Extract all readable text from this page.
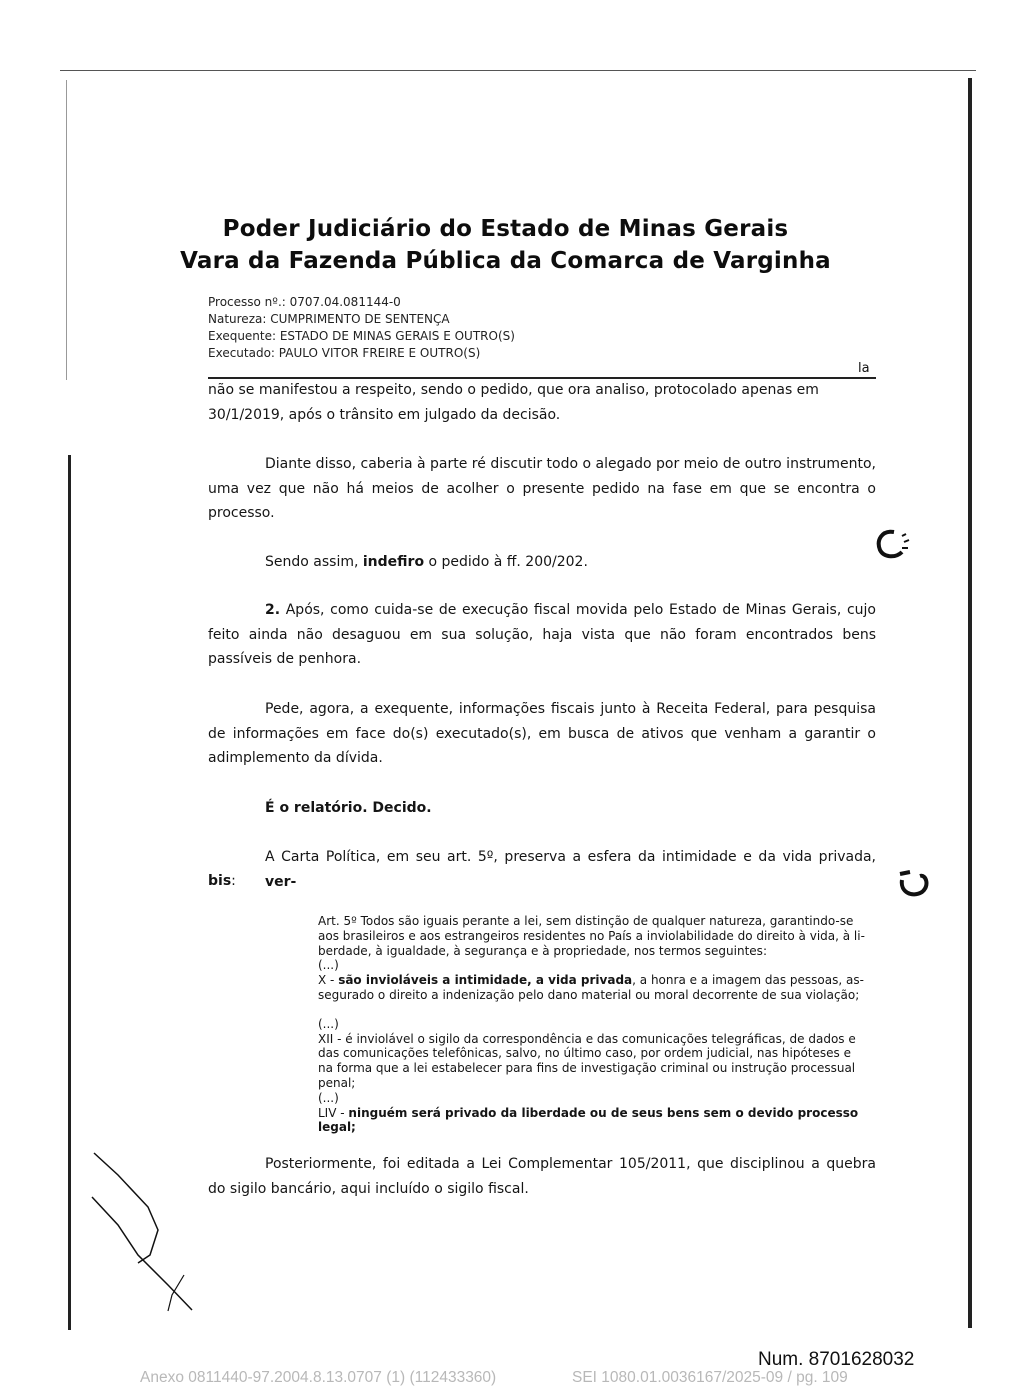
Poder Judiciário do Estado de Minas Gerais
Vara da Fazenda Pública da Comarca de Varginha
Processo nº.: 0707.04.081144-0
Natureza: CUMPRIMENTO DE SENTENÇA
Exequente: ESTADO DE MINAS GERAIS E OUTRO(S)
Executado: PAULO VITOR FREIRE E OUTRO(S)
la
não se manifestou a respeito, sendo o pedido, que ora analiso, protocolado apenas em
30/1/2019, após o trânsito em julgado da decisão.
Diante disso, caberia à parte ré discutir todo o alegado por meio de outro instrumento, uma vez que não há meios de acolher o presente pedido na fase em que se encontra o processo.
Sendo assim, indefiro o pedido à ff. 200/202.
2. Após, como cuida-se de execução fiscal movida pelo Estado de Minas Gerais, cujo feito ainda não desaguou em sua solução, haja vista que não foram encontrados bens passíveis de penhora.
Pede, agora, a exequente, informações fiscais junto à Receita Federal, para pesquisa de informações em face do(s) executado(s), em busca de ativos que venham a garantir o adimplemento da dívida.
É o relatório. Decido.
A Carta Política, em seu art. 5º, preserva a esfera da intimidade e da vida privada, ver-
bis:
Art. 5º Todos são iguais perante a lei, sem distinção de qualquer natureza, garantindo-se
aos brasileiros e aos estrangeiros residentes no País a inviolabilidade do direito à vida, à li-
berdade, à igualdade, à segurança e à propriedade, nos termos seguintes:
(...)
X - são invioláveis a intimidade, a vida privada, a honra e a imagem das pessoas, as-
segurado o direito a indenização pelo dano material ou moral decorrente de sua violação;
(...)
XII - é inviolável o sigilo da correspondência e das comunicações telegráficas, de dados e
das comunicações telefônicas, salvo, no último caso, por ordem judicial, nas hipóteses e
na forma que a lei estabelecer para fins de investigação criminal ou instrução processual
penal;
(...)
LIV - ninguém será privado da liberdade ou de seus bens sem o devido processo
legal;
Posteriormente, foi editada a Lei Complementar 105/2011, que disciplinou a quebra do sigilo bancário, aqui incluído o sigilo fiscal.
Num. 8701628032
Anexo 0811440-97.2004.8.13.0707 (1) (112433360)	SEI 1080.01.0036167/2025-09 / pg. 109
